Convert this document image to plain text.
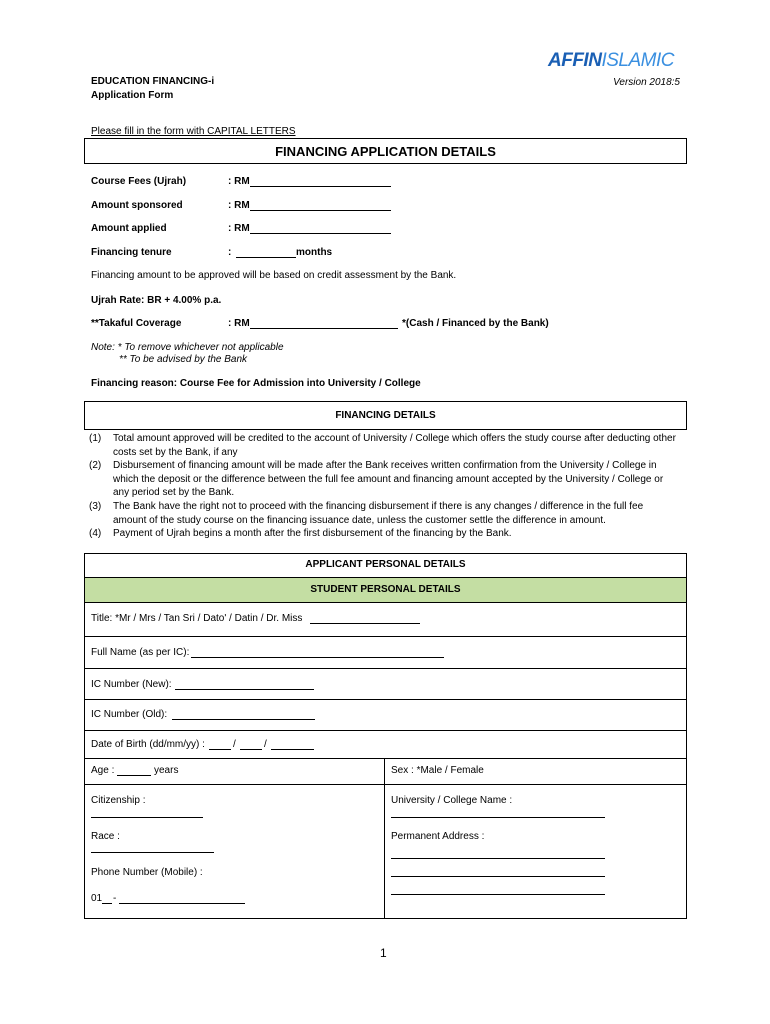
AFFINISLAMIC
EDUCATION FINANCING-i
Application Form
Version 2018:5
Please fill in the form with CAPITAL LETTERS
FINANCING APPLICATION DETAILS
Course Fees (Ujrah)	: RM
Amount sponsored	: RM
Amount applied	: RM
Financing tenure	:	months
Financing amount to be approved will be based on credit assessment by the Bank.
Ujrah Rate: BR + 4.00% p.a.
**Takaful Coverage	: RM	*(Cash / Financed by the Bank)
Note: * To remove whichever not applicable
** To be advised by the Bank
Financing reason: Course Fee for Admission into University / College
FINANCING DETAILS
(1) Total amount approved will be credited to the account of University / College which offers the study course after deducting other costs set by the Bank, if any
(2) Disbursement of financing amount will be made after the Bank receives written confirmation from the University / College in which the deposit or the difference between the full fee amount and financing amount accepted by the University / College or any period set by the Bank.
(3) The Bank have the right not to proceed with the financing disbursement if there is any changes / difference in the full fee amount of the study course on the financing issuance date, unless the customer settle the difference in amount.
(4) Payment of Ujrah begins a month after the first disbursement of the financing by the Bank.
APPLICANT PERSONAL DETAILS
STUDENT PERSONAL DETAILS
Title: *Mr / Mrs / Tan Sri / Dato' / Datin / Dr. Miss
Full Name (as per IC):
IC Number (New):
IC Number (Old):
Date of Birth (dd/mm/yy) :	/	/
Age :	years	Sex : *Male / Female
Citizenship :	University / College Name :
Race :	Permanent Address :
Phone Number (Mobile) :
01 -
1
